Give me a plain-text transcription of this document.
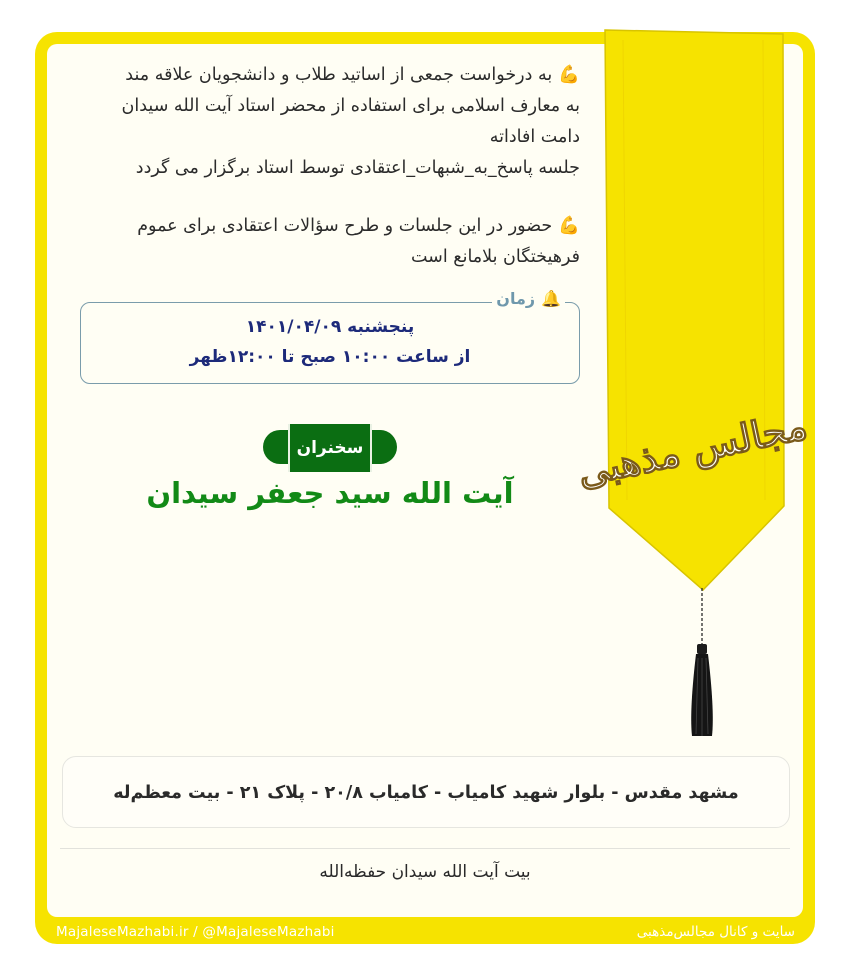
💪به درخواست جمعی از اساتید طلاب و دانشجویان علاقه مند
به معارف اسلامی برای استفاده از محضر استاد آیت الله سیدان
دامت افاداته
جلسه پاسخ_به_شبهات_اعتقادی توسط استاد برگزار می گردد
💪حضور در این جلسات و طرح سؤالات اعتقادی برای عموم
فرهیختگان بلامانع است
🔔زمان
پنجشنبه ۱۴۰۱/۰۴/۰۹
از ساعت ۱۰:۰۰ صبح تا ۱۲:۰۰ظهر
مجالس مذهبی
سخنران
آیت الله سید جعفر سیدان
مشهد مقدس - بلوار شهید کامیاب - کامیاب ۲۰/۸ - پلاک ۲۱ - بیت معظم‌له
بیت آیت الله سیدان حفظه‌الله
MajaleseMazhabi.ir / @MajaleseMazhabi	سایت و کانال مجالس‌مذهبی
